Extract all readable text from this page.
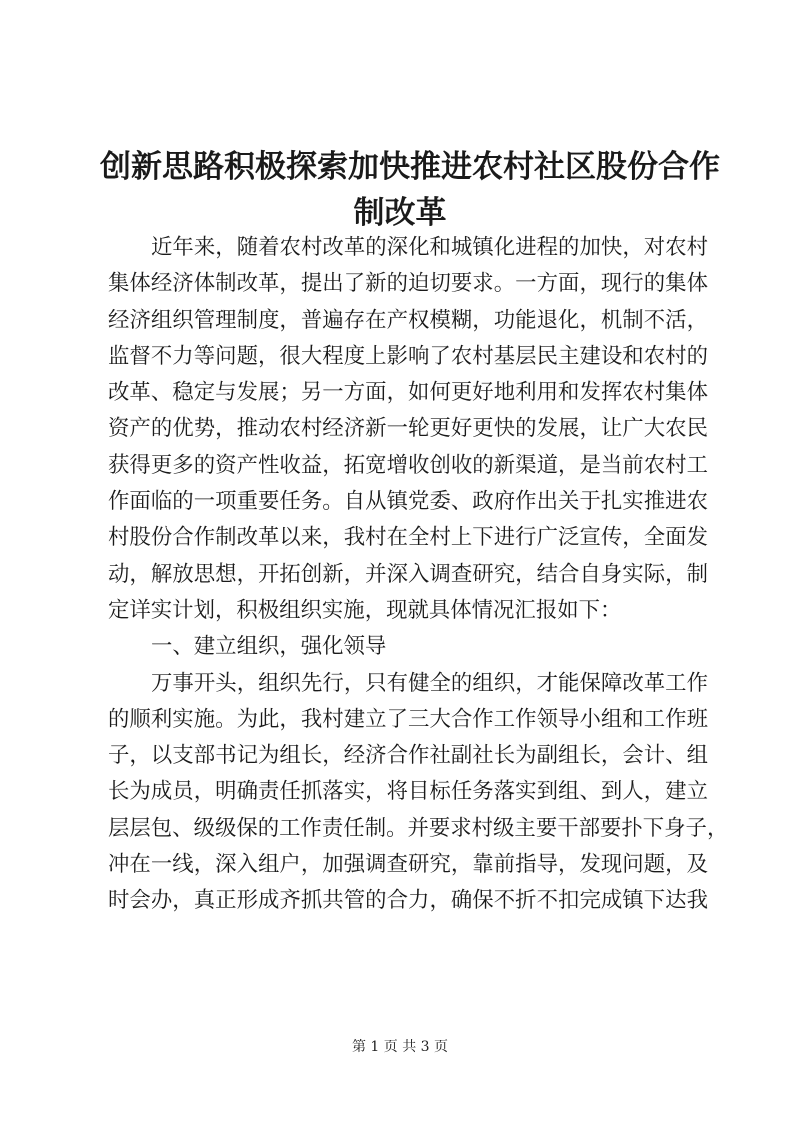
创新思路积极探索加快推进农村社区股份合作
制改革
近年来，随着农村改革的深化和城镇化进程的加快，对农村
集体经济体制改革，提出了新的迫切要求。一方面，现行的集体
经济组织管理制度，普遍存在产权模糊，功能退化，机制不活，
监督不力等问题，很大程度上影响了农村基层民主建设和农村的
改革、稳定与发展；另一方面，如何更好地利用和发挥农村集体
资产的优势，推动农村经济新一轮更好更快的发展，让广大农民
获得更多的资产性收益，拓宽增收创收的新渠道，是当前农村工
作面临的一项重要任务。自从镇党委、政府作出关于扎实推进农
村股份合作制改革以来，我村在全村上下进行广泛宣传，全面发
动，解放思想，开拓创新，并深入调查研究，结合自身实际，制
定详实计划，积极组织实施，现就具体情况汇报如下：
一、建立组织，强化领导
万事开头，组织先行，只有健全的组织，才能保障改革工作
的顺利实施。为此，我村建立了三大合作工作领导小组和工作班
子，以支部书记为组长，经济合作社副社长为副组长，会计、组
长为成员，明确责任抓落实，将目标任务落实到组、到人，建立
层层包、级级保的工作责任制。并要求村级主要干部要扑下身子，
冲在一线，深入组户，加强调查研究，靠前指导，发现问题，及
时会办，真正形成齐抓共管的合力，确保不折不扣完成镇下达我
第 1 页 共 3 页
